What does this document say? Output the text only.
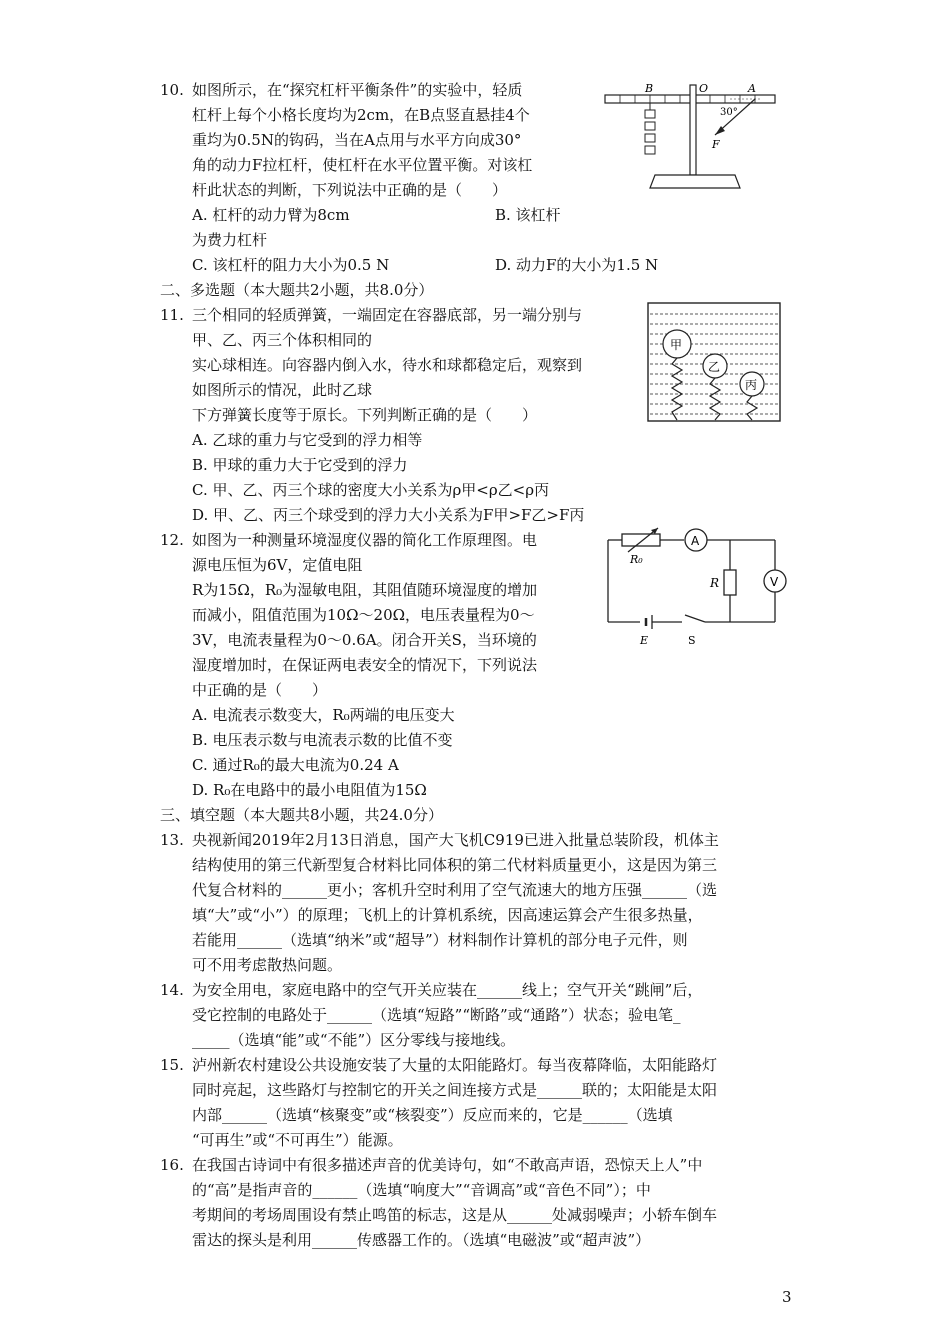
10. 如图所示，在“探究杠杆平衡条件”的实验中，轻质
杠杆上每个小格长度均为2cm，在B点竖直悬挂4个
重均为0.5N的钩码，当在A点用与水平方向成30°
角的动力F拉杠杆，使杠杆在水平位置平衡。对该杠
杆此状态的判断，下列说法中正确的是（　　）
A. 杠杆的动力臂为8cm	B. 该杠杆
为费力杠杆
C. 该杠杆的阻力大小为0.5 N	D. 动力F的大小为1.5 N
B	O	A
30°
F
二、多选题（本大题共2小题，共8.0分）
11. 三个相同的轻质弹簧，一端固定在容器底部，另一端分别与
甲、乙、丙三个体积相同的
实心球相连。向容器内倒入水，待水和球都稳定后，观察到
如图所示的情况，此时乙球
下方弹簧长度等于原长。下列判断正确的是（　　）
A. 乙球的重力与它受到的浮力相等
B. 甲球的重力大于它受到的浮力
C. 甲、乙、丙三个球的密度大小关系为ρ甲<ρ乙<ρ丙
D. 甲、乙、丙三个球受到的浮力大小关系为F甲>F乙>F丙
甲
乙
丙
12. 如图为一种测量环境湿度仪器的简化工作原理图。电
源电压恒为6V，定值电阻
R为15Ω，R₀为湿敏电阻，其阻值随环境湿度的增加
而减小，阻值范围为10Ω～20Ω，电压表量程为0～
3V，电流表量程为0～0.6A。闭合开关S，当环境的
湿度增加时，在保证两电表安全的情况下，下列说法
中正确的是（　　）
A. 电流表示数变大，R₀两端的电压变大
B. 电压表示数与电流表示数的比值不变
C. 通过R₀的最大电流为0.24 A
D. R₀在电路中的最小电阻值为15Ω
R₀
A
R	V
E	S
三、填空题（本大题共8小题，共24.0分）
13. 央视新闻2019年2月13日消息，国产大飞机C919已进入批量总装阶段，机体主
结构使用的第三代新型复合材料比同体积的第二代材料质量更小，这是因为第三
代复合材料的______更小；客机升空时利用了空气流速大的地方压强______（选
填“大”或“小”）的原理；飞机上的计算机系统，因高速运算会产生很多热量，
若能用______（选填“纳米”或“超导”）材料制作计算机的部分电子元件，则
可不用考虑散热问题。
14. 为安全用电，家庭电路中的空气开关应装在______线上；空气开关“跳闸”后，
受它控制的电路处于______（选填“短路”“断路”或“通路”）状态；验电笔_
_____（选填“能”或“不能”）区分零线与接地线。
15. 泸州新农村建设公共设施安装了大量的太阳能路灯。每当夜幕降临，太阳能路灯
同时亮起，这些路灯与控制它的开关之间连接方式是______联的；太阳能是太阳
内部______（选填“核聚变”或“核裂变”）反应而来的，它是______（选填
“可再生”或“不可再生”）能源。
16. 在我国古诗词中有很多描述声音的优美诗句，如“不敢高声语，恐惊天上人”中
的“高”是指声音的______（选填“响度大”“音调高”或“音色不同”）；中
考期间的考场周围设有禁止鸣笛的标志，这是从______处减弱噪声；小轿车倒车
雷达的探头是利用______传感器工作的。（选填“电磁波”或“超声波”）
3
